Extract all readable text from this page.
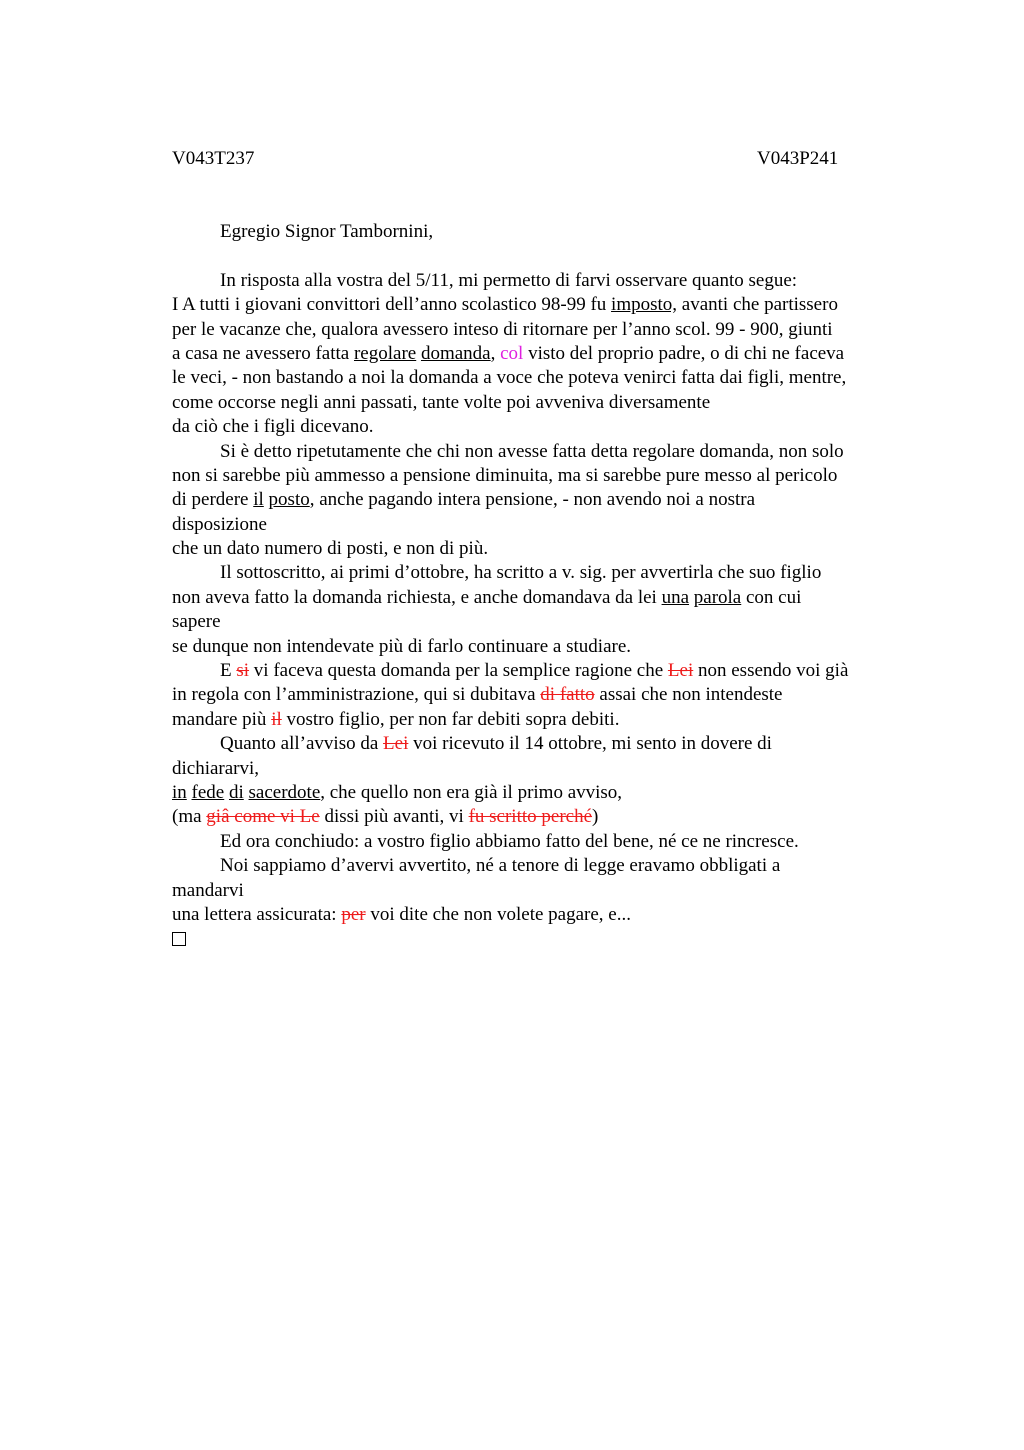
V043T237	V043P241
Egregio Signor Tambornini,
In risposta alla vostra del 5/11, mi permetto di farvi osservare quanto segue:
I A tutti i giovani convittori dell’anno scolastico 98-99 fu imposto, avanti che partissero
per le vacanze che, qualora avessero inteso di ritornare per l’anno scol. 99 - 900, giunti
a casa ne avessero fatta regolare domanda, col visto del proprio padre, o di chi ne faceva
le veci, - non bastando a noi la domanda a voce che poteva venirci fatta dai figli, mentre,
come occorse negli anni passati, tante volte poi avveniva diversamente
da ciò che i figli dicevano.
Si è detto ripetutamente che chi non avesse fatta detta regolare domanda, non solo
non si sarebbe più ammesso a pensione diminuita, ma si sarebbe pure messo al pericolo
di perdere il posto, anche pagando intera pensione, - non avendo noi a nostra
disposizione
che un dato numero di posti, e non di più.
Il sottoscritto, ai primi d’ottobre, ha scritto a v. sig. per avvertirla che suo figlio
non aveva fatto la domanda richiesta, e anche domandava da lei una parola con cui
sapere
se dunque non intendevate più di farlo continuare a studiare.
E si vi faceva questa domanda per la semplice ragione che Lei non essendo voi già
in regola con l’amministrazione, qui si dubitava di fatto assai che non intendeste
mandare più il vostro figlio, per non far debiti sopra debiti.
Quanto all’avviso da Lei voi ricevuto il 14 ottobre, mi sento in dovere di
dichiararvi,
in fede di sacerdote, che quello non era già il primo avviso,
(ma giâ come vi Le dissi più avanti, vi fu scritto perché)
Ed ora conchiudo: a vostro figlio abbiamo fatto del bene, né ce ne rincresce.
Noi sappiamo d’avervi avvertito, né a tenore di legge eravamo obbligati a
mandarvi
una lettera assicurata: per voi dite che non volete pagare, e...
